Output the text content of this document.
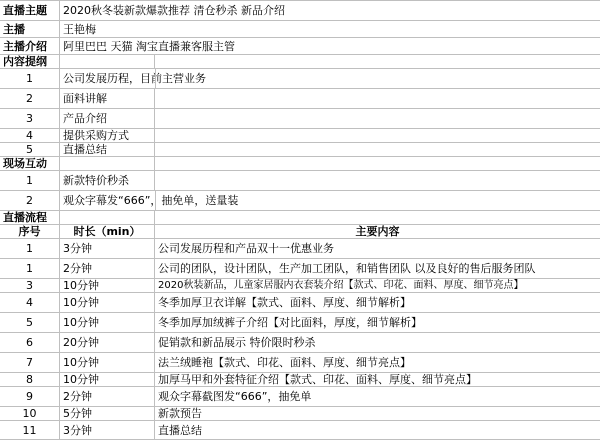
直播主题	2020秋冬装新款爆款推荐 清仓秒杀 新品介绍
主播	王艳梅
主播介绍	阿里巴巴 天猫 淘宝直播兼客服主管
内容提纲
1	公司发展历程，目前主营业务
2	面料讲解
3	产品介绍
4	提供采购方式
5	直播总结
现场互动
1	新款特价秒杀
2	观众字幕发“666”，抽免单，送量装
直播流程
序号	时长（min）	主要内容
1	3分钟	公司发展历程和产品双十一优惠业务
1	2分钟	公司的团队，设计团队，生产加工团队，和销售团队 以及良好的售后服务团队
3	10分钟	2020秋装新品，儿童家居服内衣套装介绍【款式、印花、面料、厚度、细节亮点】
4	10分钟	冬季加厚卫衣详解【款式、面料、厚度、细节解析】
5	10分钟	冬季加厚加绒裤子介绍【对比面料，厚度，细节解析】
6	20分钟	促销款和新品展示 特价限时秒杀
7	10分钟	法兰绒睡袍【款式、印花、面料、厚度、细节亮点】
8	10分钟	加厚马甲和外套特征介绍【款式、印花、面料、厚度、细节亮点】
9	2分钟	观众字幕截图发“666”，抽免单
10	5分钟	新款预告
11	3分钟	直播总结
